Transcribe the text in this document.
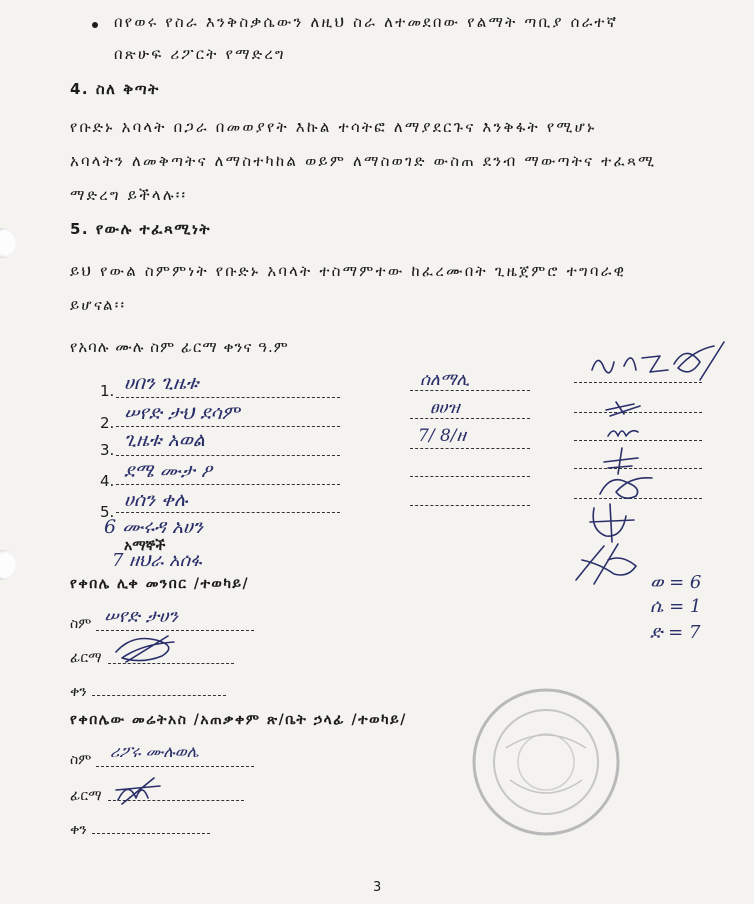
በየወሩ የስራ እንቅስቃሴውን ለዚህ ስራ ለተመደበው የልማት ጣቢያ ሰራተኛ
በጽሁፍ ሪፖርት የማድረግ
4. ስለ ቅጣት
የቡድኑ አባላት በጋራ በመወያየት እኩል ተሳትፎ ለማያደርጉና እንቅፋት የሚሆኑ
አባላትን ለመቅጣትና ለማስተካከል ወይም ለማስወገድ ውስጠ ደንብ ማውጣትና ተፈጻሚ
ማድረግ ይችላሉ፡፡
5. የውሉ ተፈጻሚነት
ይህ የውል ስምምነት የቡድኑ አባላት ተስማምተው ከፈረሙበት ጊዜጀምሮ ተግባራዊ
ይሆናል፡፡
የአባሉ ሙሉ ስም ፊርማ ቀንና ዓ.ም
1.
2.
3.
4.
5.
ሀበን ጊዜቱ
ሠየድ ታህ ደሳም
ጊዜቱ አወል
ደሜ ሙታ ዖ
ሀሰን ቀሉ
6 ሙሩዳ አሀን
አማኞች
7 ዘህራ አሰፋ
ሰለማሊ
ፀሀዝ
7/ 8/ዘ
ወ = 6
ሴ = 1
ድ = 7
የቀበሌ ሊቀ መንበር /ተወካይ/
ስም ሠየድ ታሀን
ፊርማ
ቀን
የቀበሌው መሬትአስ /አጠቃቀም ጽ/ቤት ኃላፊ /ተወካይ/
ስም ሪፖሩ ሙሉወሌ
ፊርማ
ቀን
3
